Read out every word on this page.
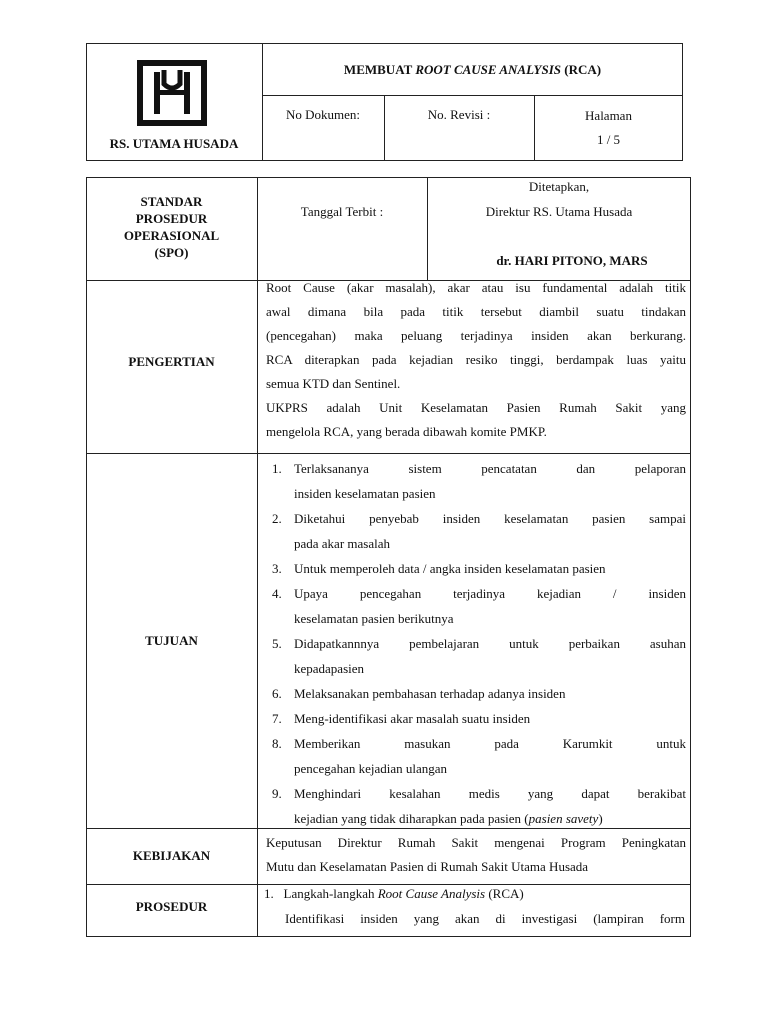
RS. UTAMA HUSADA
MEMBUAT ROOT CAUSE ANALYSIS (RCA)
No Dokumen:	No. Revisi :	Halaman
1 / 5
STANDAR
PROSEDUR
OPERASIONAL
(SPO)
Tanggal Terbit :
Ditetapkan,
Direktur RS. Utama Husada
dr. HARI PITONO, MARS
PENGERTIAN
Root Cause (akar masalah), akar atau isu fundamental adalah titik
awal dimana bila pada titik tersebut diambil suatu tindakan
(pencegahan) maka peluang terjadinya insiden akan berkurang.
RCA diterapkan pada kejadian resiko tinggi, berdampak luas yaitu
semua KTD dan Sentinel.
UKPRS adalah Unit Keselamatan Pasien Rumah Sakit yang
mengelola RCA, yang berada dibawah komite PMKP.
TUJUAN
1. Terlaksananya sistem pencatatan dan pelaporan
insiden keselamatan pasien
2. Diketahui penyebab insiden keselamatan pasien sampai
pada akar masalah
3. Untuk memperoleh data / angka insiden keselamatan pasien
4. Upaya pencegahan terjadinya kejadian / insiden
keselamatan pasien berikutnya
5. Didapatkannnya pembelajaran untuk perbaikan asuhan
kepadapasien
6. Melaksanakan pembahasan terhadap adanya insiden
7. Meng-identifikasi akar masalah suatu insiden
8. Memberikan masukan pada Karumkit untuk
pencegahan kejadian ulangan
9. Menghindari kesalahan medis yang dapat berakibat
kejadian yang tidak diharapkan pada pasien (pasien savety)
KEBIJAKAN
Keputusan Direktur Rumah Sakit mengenai Program Peningkatan
Mutu dan Keselamatan Pasien di Rumah Sakit Utama Husada
PROSEDUR
1. Langkah-langkah Root Cause Analysis (RCA)
Identifikasi insiden yang akan di investigasi (lampiran form
